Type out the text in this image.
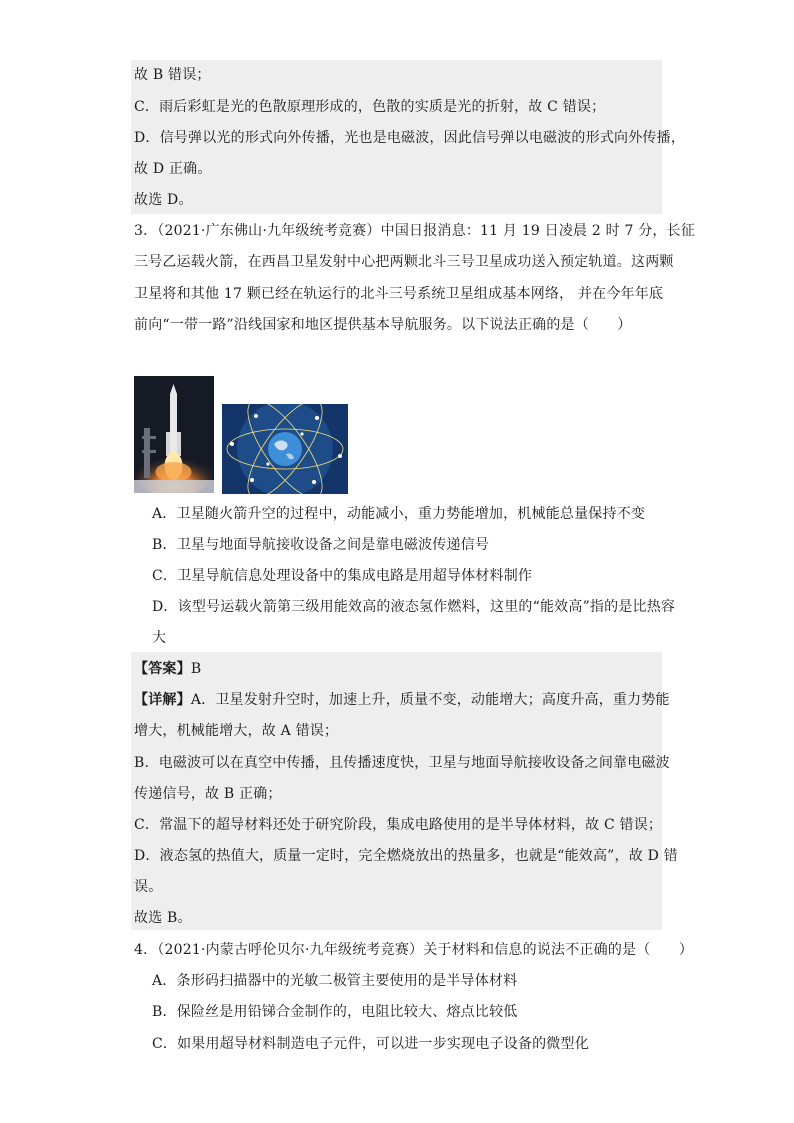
故 B 错误；
C．雨后彩虹是光的色散原理形成的，色散的实质是光的折射，故 C 错误；
D．信号弹以光的形式向外传播，光也是电磁波，因此信号弹以电磁波的形式向外传播，
故 D 正确。
故选 D。
3．（2021·广东佛山·九年级统考竞赛）中国日报消息：11 月 19 日凌晨 2 时 7 分，长征
三号乙运载火箭，在西昌卫星发射中心把两颗北斗三号卫星成功送入预定轨道。这两颗
卫星将和其他 17 颗已经在轨运行的北斗三号系统卫星组成基本网络， 并在今年年底
前向“一带一路”沿线国家和地区提供基本导航服务。以下说法正确的是（　　）
A．卫星随火箭升空的过程中，动能减小，重力势能增加，机械能总量保持不变
B．卫星与地面导航接收设备之间是靠电磁波传递信号
C．卫星导航信息处理设备中的集成电路是用超导体材料制作
D．该型号运载火箭第三级用能效高的液态氢作燃料，这里的“能效高”指的是比热容
大
【答案】B
【详解】A．卫星发射升空时，加速上升，质量不变，动能增大；高度升高，重力势能
增大，机械能增大，故 A 错误；
B．电磁波可以在真空中传播，且传播速度快，卫星与地面导航接收设备之间靠电磁波
传递信号，故 B 正确；
C．常温下的超导材料还处于研究阶段，集成电路使用的是半导体材料，故 C 错误；
D．液态氢的热值大，质量一定时，完全燃烧放出的热量多，也就是“能效高”，故 D 错
误。
故选 B。
4．（2021·内蒙古呼伦贝尔·九年级统考竞赛）关于材料和信息的说法不正确的是（　　）
A．条形码扫描器中的光敏二极管主要使用的是半导体材料
B．保险丝是用铅锑合金制作的，电阻比较大、熔点比较低
C．如果用超导材料制造电子元件，可以进一步实现电子设备的微型化
